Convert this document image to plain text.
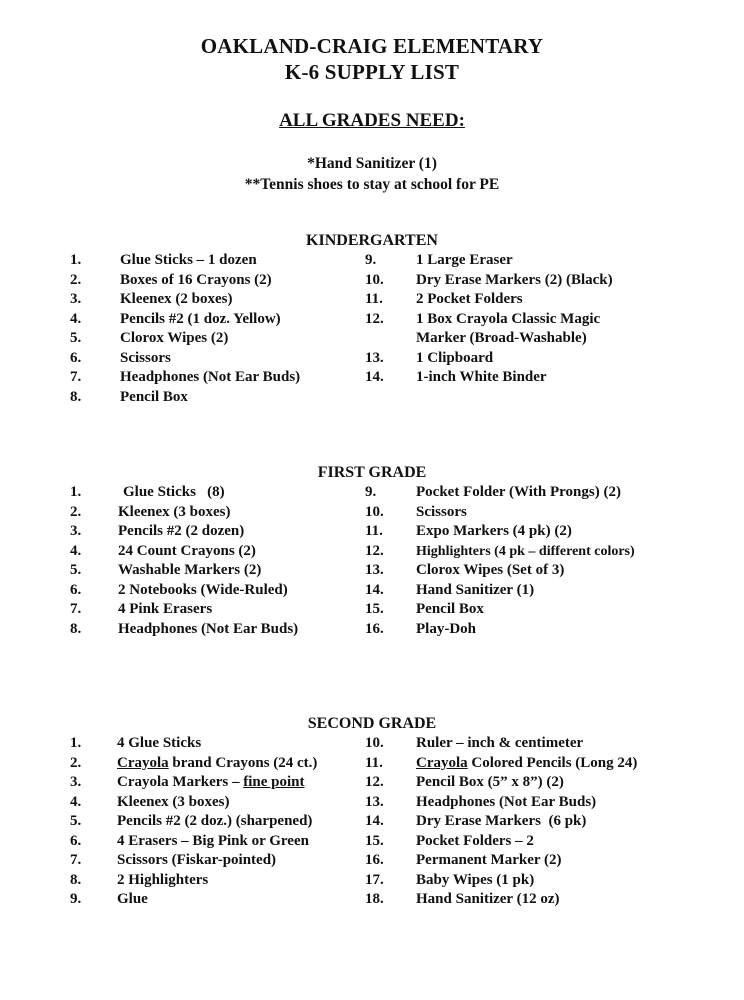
OAKLAND-CRAIG ELEMENTARY
K-6 SUPPLY LIST
ALL GRADES NEED:
*Hand Sanitizer (1)
**Tennis shoes to stay at school for PE
KINDERGARTEN
1.	Glue Sticks – 1 dozen
2.	Boxes of 16 Crayons (2)
3.	Kleenex (2 boxes)
4.	Pencils #2 (1 doz. Yellow)
5.	Clorox Wipes (2)
6.	Scissors
7.	Headphones (Not Ear Buds)
8.	Pencil Box
9.	1 Large Eraser
10. Dry Erase Markers (2) (Black)
11. 2 Pocket Folders
12. 1 Box Crayola Classic Magic
Marker (Broad-Washable)
13. 1 Clipboard
14. 1-inch White Binder
FIRST GRADE
1.	Glue Sticks   (8)
2. Kleenex (3 boxes)
3. Pencils #2 (2 dozen)
4. 24 Count Crayons (2)
5. Washable Markers (2)
6. 2 Notebooks (Wide-Ruled)
7. 4 Pink Erasers
8. Headphones (Not Ear Buds)
9.	Pocket Folder (With Prongs) (2)
10. Scissors
11. Expo Markers (4 pk) (2)
12. Highlighters (4 pk – different colors)
13. Clorox Wipes (Set of 3)
14. Hand Sanitizer (1)
15. Pencil Box
16. Play-Doh
SECOND GRADE
1. 4 Glue Sticks
2. Crayola brand Crayons (24 ct.)
3. Crayola Markers – fine point
4. Kleenex (3 boxes)
5. Pencils #2 (2 doz.) (sharpened)
6. 4 Erasers – Big Pink or Green
7. Scissors (Fiskar-pointed)
8. 2 Highlighters
9. Glue
10. Ruler – inch & centimeter
11. Crayola Colored Pencils (Long 24)
12. Pencil Box (5” x 8”) (2)
13. Headphones (Not Ear Buds)
14. Dry Erase Markers  (6 pk)
15. Pocket Folders – 2
16. Permanent Marker (2)
17. Baby Wipes (1 pk)
18. Hand Sanitizer (12 oz)
